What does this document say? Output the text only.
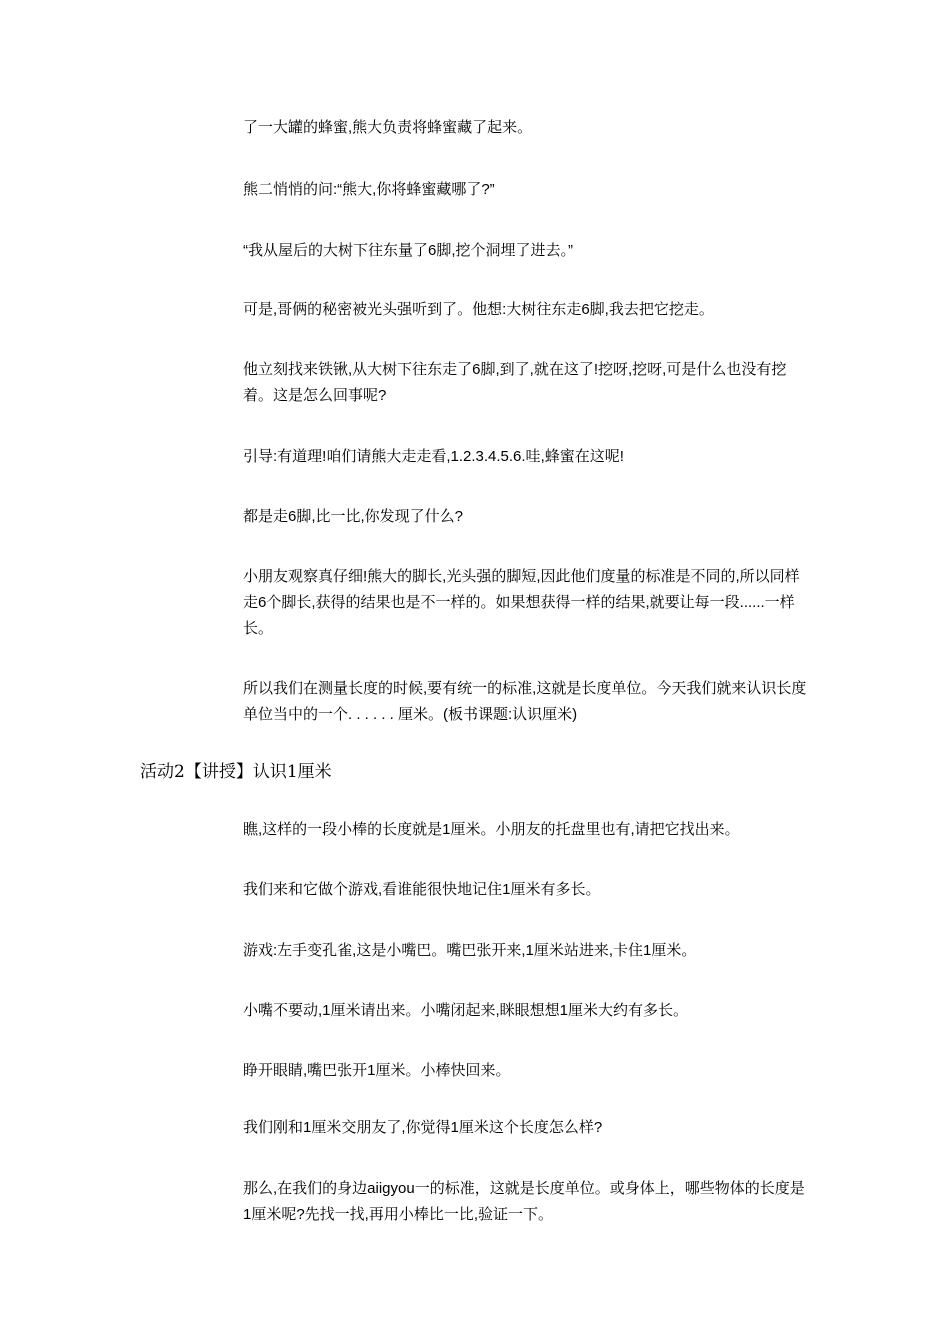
了一大罐的蜂蜜,熊大负责将蜂蜜藏了起来。

熊二悄悄的问:“熊大,你将蜂蜜藏哪了?”

“我从屋后的大树下往东量了6脚,挖个洞埋了进去。”

可是,哥俩的秘密被光头强听到了。他想:大树往东走6脚,我去把它挖走。

他立刻找来铁锹,从大树下往东走了6脚,到了,就在这了!挖呀,挖呀,可是什么也没有挖着。这是怎么回事呢?

引导:有道理!咱们请熊大走走看,1.2.3.4.5.6.哇,蜂蜜在这呢!

都是走6脚,比一比,你发现了什么?

小朋友观察真仔细!熊大的脚长,光头强的脚短,因此他们度量的标准是不同的,所以同样走6个脚长,获得的结果也是不一样的。如果想获得一样的结果,就要让每一段......一样长。

所以我们在测量长度的时候,要有统一的标准,这就是长度单位。今天我们就来认识长度单位当中的一个. . . . . . 厘米。(板书课题:认识厘米)

活动2【讲授】认识1厘米

瞧,这样的一段小棒的长度就是1厘米。小朋友的托盘里也有,请把它找出来。

我们来和它做个游戏,看谁能很快地记住1厘米有多长。

游戏:左手变孔雀,这是小嘴巴。嘴巴张开来,1厘米站进来,卡住1厘米。

小嘴不要动,1厘米请出来。小嘴闭起来,眯眼想想1厘米大约有多长。

睁开眼睛,嘴巴张开1厘米。小棒快回来。

我们刚和1厘米交朋友了,你觉得1厘米这个长度怎么样?

那么,在我们的身边aiigyou一的标准，这就是长度单位。或身体上，哪些物体的长度是1厘米呢?先找一找,再用小棒比一比,验证一下。
